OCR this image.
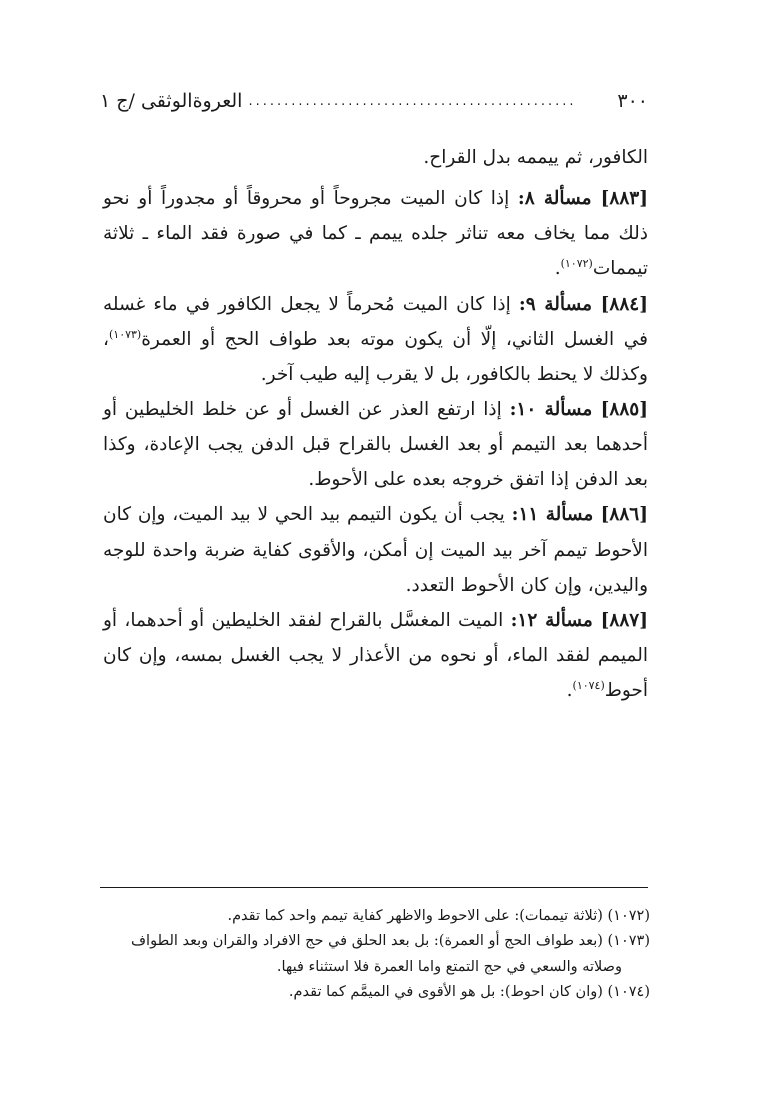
٣٠٠
..............................................
العروةالوثقى /ج ١

الكافور، ثم ييممه بدل القراح.

[٨٨٣] مسألة ٨: إذا كان الميت مجروحاً أو محروقاً أو مجدوراً أو نحو ذلك مما يخاف معه تناثر جلده ييمم ـ كما في صورة فقد الماء ـ ثلاثة تيممات$^{(١٠٧٢)}$.

[٨٨٤] مسألة ٩: إذا كان الميت مُحرماً لا يجعل الكافور في ماء غسله في الغسل الثاني، إلّا أن يكون موته بعد طواف الحج أو العمرة$^{(١٠٧٣)}$، وكذلك لا يحنط بالكافور، بل لا يقرب إليه طيب آخر.

[٨٨٥] مسألة ١٠: إذا ارتفع العذر عن الغسل أو عن خلط الخليطين أو أحدهما بعد التيمم أو بعد الغسل بالقراح قبل الدفن يجب الإعادة، وكذا بعد الدفن إذا اتفق خروجه بعده على الأحوط.

[٨٨٦] مسألة ١١: يجب أن يكون التيمم بيد الحي لا بيد الميت، وإن كان الأحوط تيمم آخر بيد الميت إن أمكن، والأقوى كفاية ضربة واحدة للوجه واليدين، وإن كان الأحوط التعدد.

[٨٨٧] مسألة ١٢: الميت المغسَّل بالقراح لفقد الخليطين أو أحدهما، أو الميمم لفقد الماء، أو نحوه من الأعذار لا يجب الغسل بمسه، وإن كان أحوط$^{(١٠٧٤)}$.

(١٠٧٢) (ثلاثة تيممات): على الاحوط والاظهر كفاية تيمم واحد كما تقدم.

(١٠٧٣) (بعد طواف الحج أو العمرة): بل بعد الحلق في حج الافراد والقران وبعد الطواف

وصلاته والسعي في حج التمتع واما العمرة فلا استثناء فيها.

(١٠٧٤) (وان كان احوط): بل هو الأقوى في الميمَّم كما تقدم.
